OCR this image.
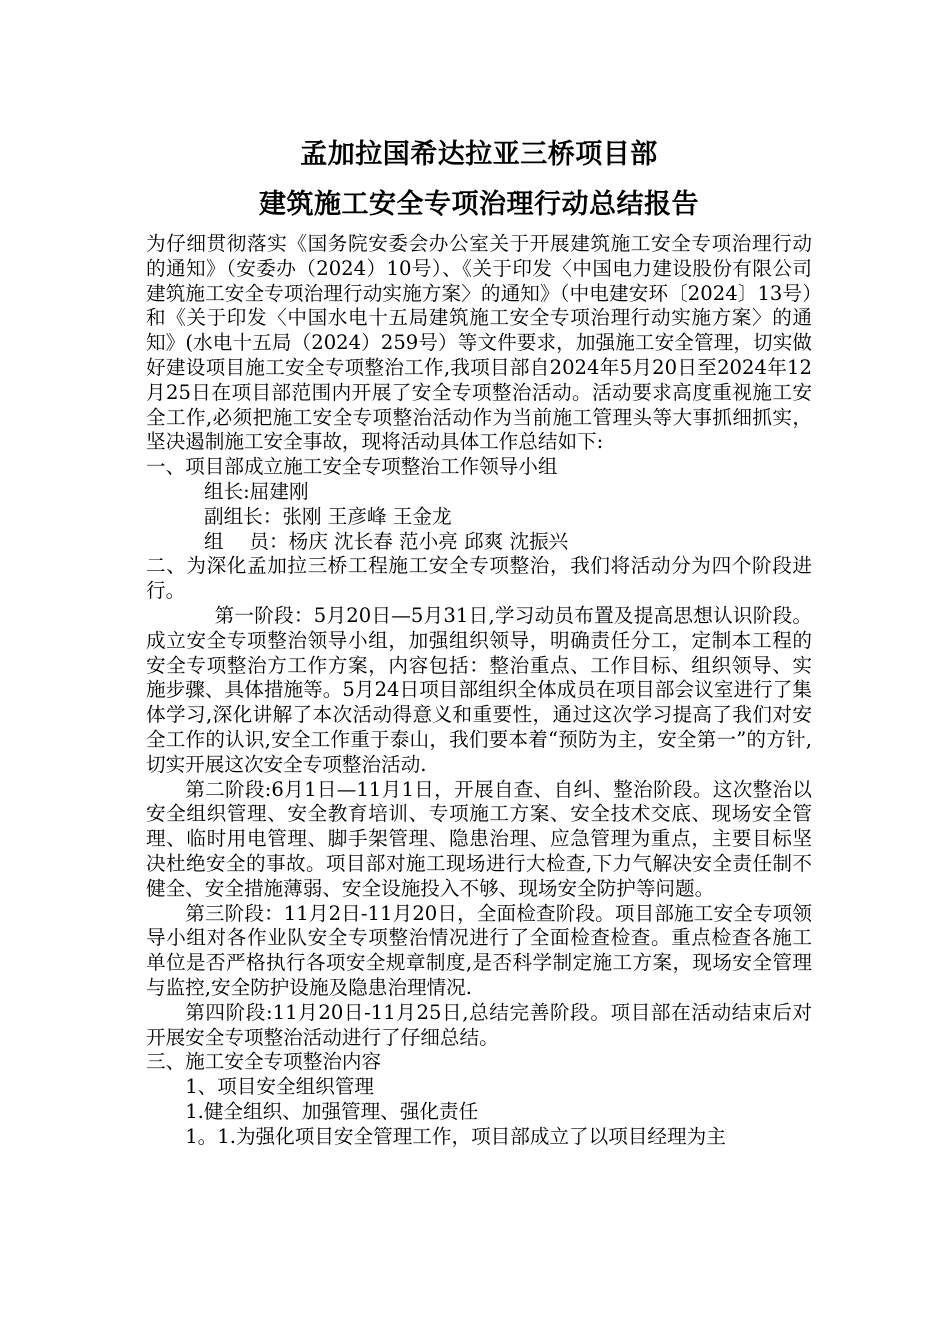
孟加拉国希达拉亚三桥项目部
建筑施工安全专项治理行动总结报告

为仔细贯彻落实《国务院安委会办公室关于开展建筑施工安全专项治理行动的通知》（安委办（2024）10号）、《关于印发〈中国电力建设股份有限公司建筑施工安全专项治理行动实施方案〉的通知》（中电建安环〔2024〕13号）和《关于印发〈中国水电十五局建筑施工安全专项治理行动实施方案〉的通知》(水电十五局（2024）259号）等文件要求，加强施工安全管理，切实做好建设项目施工安全专项整治工作,我项目部自2024年5月20日至2024年12月25日在项目部范围内开展了安全专项整治活动。活动要求高度重视施工安全工作,必须把施工安全专项整治活动作为当前施工管理头等大事抓细抓实，坚决遏制施工安全事故，现将活动具体工作总结如下:

一、项目部成立施工安全专项整治工作领导小组

组长:屈建刚

副组长：张刚 王彦峰 王金龙

组　 员：杨庆 沈长春 范小亮 邱爽 沈振兴

二、为深化孟加拉三桥工程施工安全专项整治，我们将活动分为四个阶段进行。

第一阶段：5月20日—5月31日,学习动员布置及提高思想认识阶段。成立安全专项整治领导小组，加强组织领导，明确责任分工，定制本工程的安全专项整治方工作方案，内容包括：整治重点、工作目标、组织领导、实施步骤、具体措施等。5月24日项目部组织全体成员在项目部会议室进行了集体学习,深化讲解了本次活动得意义和重要性，通过这次学习提高了我们对安全工作的认识,安全工作重于泰山，我们要本着“预防为主，安全第一”的方针,切实开展这次安全专项整治活动.

第二阶段:6月1日—11月1日，开展自查、自纠、整治阶段。这次整治以安全组织管理、安全教育培训、专项施工方案、安全技术交底、现场安全管理、临时用电管理、脚手架管理、隐患治理、应急管理为重点，主要目标坚决杜绝安全的事故。项目部对施工现场进行大检查,下力气解决安全责任制不健全、安全措施薄弱、安全设施投入不够、现场安全防护等问题。

第三阶段：11月2日-11月20日，全面检查阶段。项目部施工安全专项领导小组对各作业队安全专项整治情况进行了全面检查检查。重点检查各施工单位是否严格执行各项安全规章制度,是否科学制定施工方案，现场安全管理与监控,安全防护设施及隐患治理情况.

第四阶段:11月20日-11月25日,总结完善阶段。项目部在活动结束后对开展安全专项整治活动进行了仔细总结。

三、施工安全专项整治内容

1、项目安全组织管理

1.健全组织、加强管理、强化责任

1。1.为强化项目安全管理工作，项目部成立了以项目经理为主
